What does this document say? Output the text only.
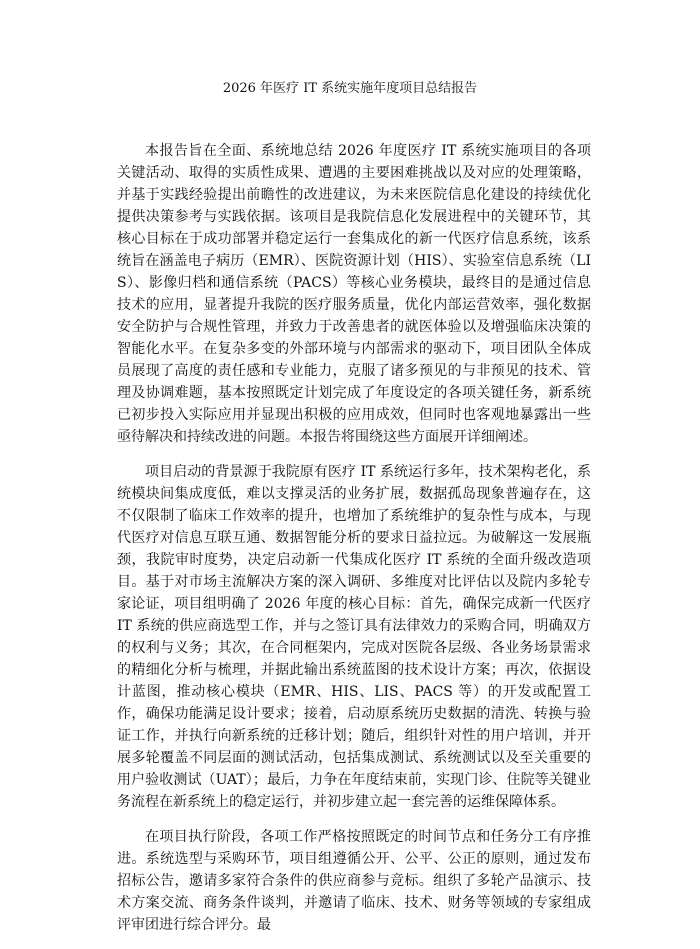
2026 年医疗 IT 系统实施年度项目总结报告

本报告旨在全面、系统地总结 2026 年度医疗 IT 系统实施项目的各项关键活动、取得的实质性成果、遭遇的主要困难挑战以及对应的处理策略，并基于实践经验提出前瞻性的改进建议，为未来医院信息化建设的持续优化提供决策参考与实践依据。该项目是我院信息化发展进程中的关键环节，其核心目标在于成功部署并稳定运行一套集成化的新一代医疗信息系统，该系统旨在涵盖电子病历（EMR）、医院资源计划（HIS）、实验室信息系统（LIS）、影像归档和通信系统（PACS）等核心业务模块，最终目的是通过信息技术的应用，显著提升我院的医疗服务质量，优化内部运营效率，强化数据安全防护与合规性管理，并致力于改善患者的就医体验以及增强临床决策的智能化水平。在复杂多变的外部环境与内部需求的驱动下，项目团队全体成员展现了高度的责任感和专业能力，克服了诸多预见的与非预见的技术、管理及协调难题，基本按照既定计划完成了年度设定的各项关键任务，新系统已初步投入实际应用并显现出积极的应用成效，但同时也客观地暴露出一些亟待解决和持续改进的问题。本报告将围绕这些方面展开详细阐述。

项目启动的背景源于我院原有医疗 IT 系统运行多年，技术架构老化，系统模块间集成度低，难以支撑灵活的业务扩展，数据孤岛现象普遍存在，这不仅限制了临床工作效率的提升，也增加了系统维护的复杂性与成本，与现代医疗对信息互联互通、数据智能分析的要求日益拉远。为破解这一发展瓶颈，我院审时度势，决定启动新一代集成化医疗 IT 系统的全面升级改造项目。基于对市场主流解决方案的深入调研、多维度对比评估以及院内多轮专家论证，项目组明确了 2026 年度的核心目标：首先，确保完成新一代医疗 IT 系统的供应商选型工作，并与之签订具有法律效力的采购合同，明确双方的权利与义务；其次，在合同框架内，完成对医院各层级、各业务场景需求的精细化分析与梳理，并据此输出系统蓝图的技术设计方案；再次，依据设计蓝图，推动核心模块（EMR、HIS、LIS、PACS 等）的开发或配置工作，确保功能满足设计要求；接着，启动原系统历史数据的清洗、转换与验证工作，并执行向新系统的迁移计划；随后，组织针对性的用户培训，并开展多轮覆盖不同层面的测试活动，包括集成测试、系统测试以及至关重要的用户验收测试（UAT）；最后，力争在年度结束前，实现门诊、住院等关键业务流程在新系统上的稳定运行，并初步建立起一套完善的运维保障体系。

在项目执行阶段，各项工作严格按照既定的时间节点和任务分工有序推进。系统选型与采购环节，项目组遵循公开、公平、公正的原则，通过发布招标公告，邀请多家符合条件的供应商参与竞标。组织了多轮产品演示、技术方案交流、商务条件谈判，并邀请了临床、技术、财务等领域的专家组成评审团进行综合评分。最
